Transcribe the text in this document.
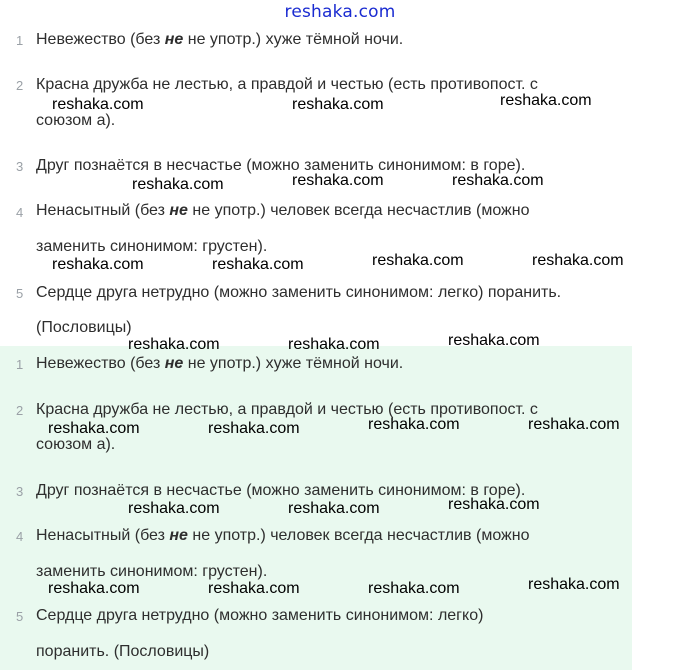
reshaka.com
1 Невежество (без не не употр.) хуже тёмной ночи.
2 Красна дружба не лестью, а правдой и честью (есть противопост. с
союзом а).
3 Друг познаётся в несчастье (можно заменить синонимом: в горе).
4 Ненасытный (без не не употр.) человек всегда несчастлив (можно
заменить синонимом: грустен).
5 Сердце друга нетрудно (можно заменить синонимом: легко) поранить.
(Пословицы)
1 Невежество (без не не употр.) хуже тёмной ночи.
2 Красна дружба не лестью, а правдой и честью (есть противопост. с
союзом а).
3 Друг познаётся в несчастье (можно заменить синонимом: в горе).
4 Ненасытный (без не не употр.) человек всегда несчастлив (можно
заменить синонимом: грустен).
5 Сердце друга нетрудно (можно заменить синонимом: легко)
поранить. (Пословицы)
reshaka.com	reshaka.com	reshaka.com
reshaka.com	reshaka.com	reshaka.com
reshaka.com	reshaka.com	reshaka.com	reshaka.com
reshaka.com	reshaka.com	reshaka.com
reshaka.com	reshaka.com	reshaka.com	reshaka.com
reshaka.com	reshaka.com	reshaka.com
reshaka.com	reshaka.com	reshaka.com	reshaka.com
